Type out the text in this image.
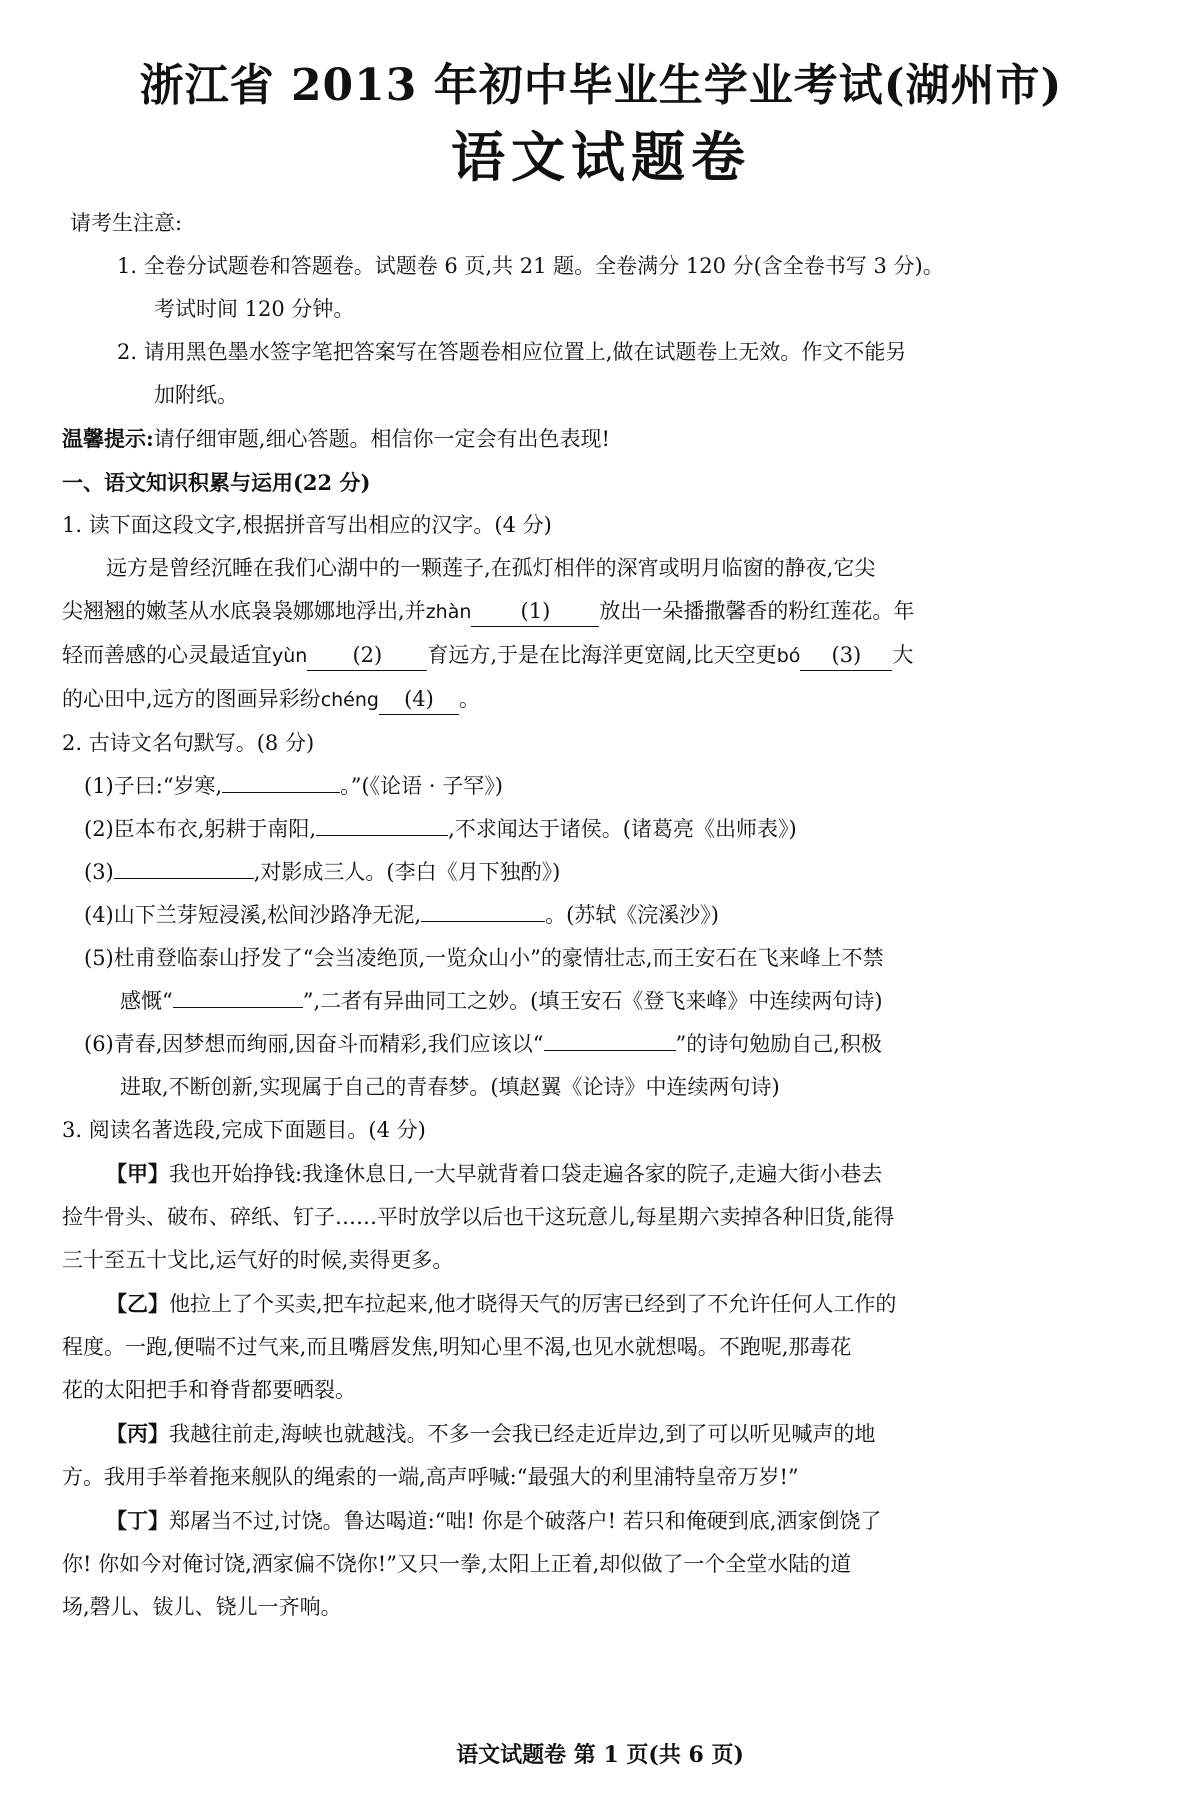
浙江省 2013 年初中毕业生学业考试(湖州市)
语文试题卷

请考生注意:

1. 全卷分试题卷和答题卷。试题卷 6 页,共 21 题。全卷满分 120 分(含全卷书写 3 分)。

考试时间 120 分钟。

2. 请用黑色墨水签字笔把答案写在答题卷相应位置上,做在试题卷上无效。作文不能另

加附纸。

温馨提示:请仔细审题,细心答题。相信你一定会有出色表现!

一、语文知识积累与运用(22 分)

1. 读下面这段文字,根据拼音写出相应的汉字。(4 分)

远方是曾经沉睡在我们心湖中的一颗莲子,在孤灯相伴的深宵或明月临窗的静夜,它尖

尖翘翘的嫩茎从水底袅袅娜娜地浮出,并zhàn (1) 放出一朵播撒馨香的粉红莲花。年

轻而善感的心灵最适宜yùn (2) 育远方,于是在比海洋更宽阔,比天空更bó (3) 大

的心田中,远方的图画异彩纷chéng (4) 。

2. 古诗文名句默写。(8 分)

(1)子曰:“岁寒,	。”(《论语 · 子罕》)

(2)臣本布衣,躬耕于南阳,	,不求闻达于诸侯。(诸葛亮《出师表》)

(3)	,对影成三人。(李白《月下独酌》)

(4)山下兰芽短浸溪,松间沙路净无泥,	。(苏轼《浣溪沙》)

(5)杜甫登临泰山抒发了“会当凌绝顶,一览众山小”的豪情壮志,而王安石在飞来峰上不禁

感慨“	”,二者有异曲同工之妙。(填王安石《登飞来峰》中连续两句诗)

(6)青春,因梦想而绚丽,因奋斗而精彩,我们应该以“	”的诗句勉励自己,积极

进取,不断创新,实现属于自己的青春梦。(填赵翼《论诗》中连续两句诗)

3. 阅读名著选段,完成下面题目。(4 分)

【甲】我也开始挣钱:我逢休息日,一大早就背着口袋走遍各家的院子,走遍大街小巷去

捡牛骨头、破布、碎纸、钉子……平时放学以后也干这玩意儿,每星期六卖掉各种旧货,能得

三十至五十戈比,运气好的时候,卖得更多。

【乙】他拉上了个买卖,把车拉起来,他才晓得天气的厉害已经到了不允许任何人工作的

程度。一跑,便喘不过气来,而且嘴唇发焦,明知心里不渴,也见水就想喝。不跑呢,那毒花

花的太阳把手和脊背都要晒裂。

【丙】我越往前走,海峡也就越浅。不多一会我已经走近岸边,到了可以听见喊声的地

方。我用手举着拖来舰队的绳索的一端,高声呼喊:“最强大的利里浦特皇帝万岁!”

【丁】郑屠当不过,讨饶。鲁达喝道:“咄! 你是个破落户! 若只和俺硬到底,洒家倒饶了

你! 你如今对俺讨饶,洒家偏不饶你!”又只一拳,太阳上正着,却似做了一个全堂水陆的道

场,磬儿、钹儿、铙儿一齐响。

语文试题卷 第 1 页(共 6 页)
